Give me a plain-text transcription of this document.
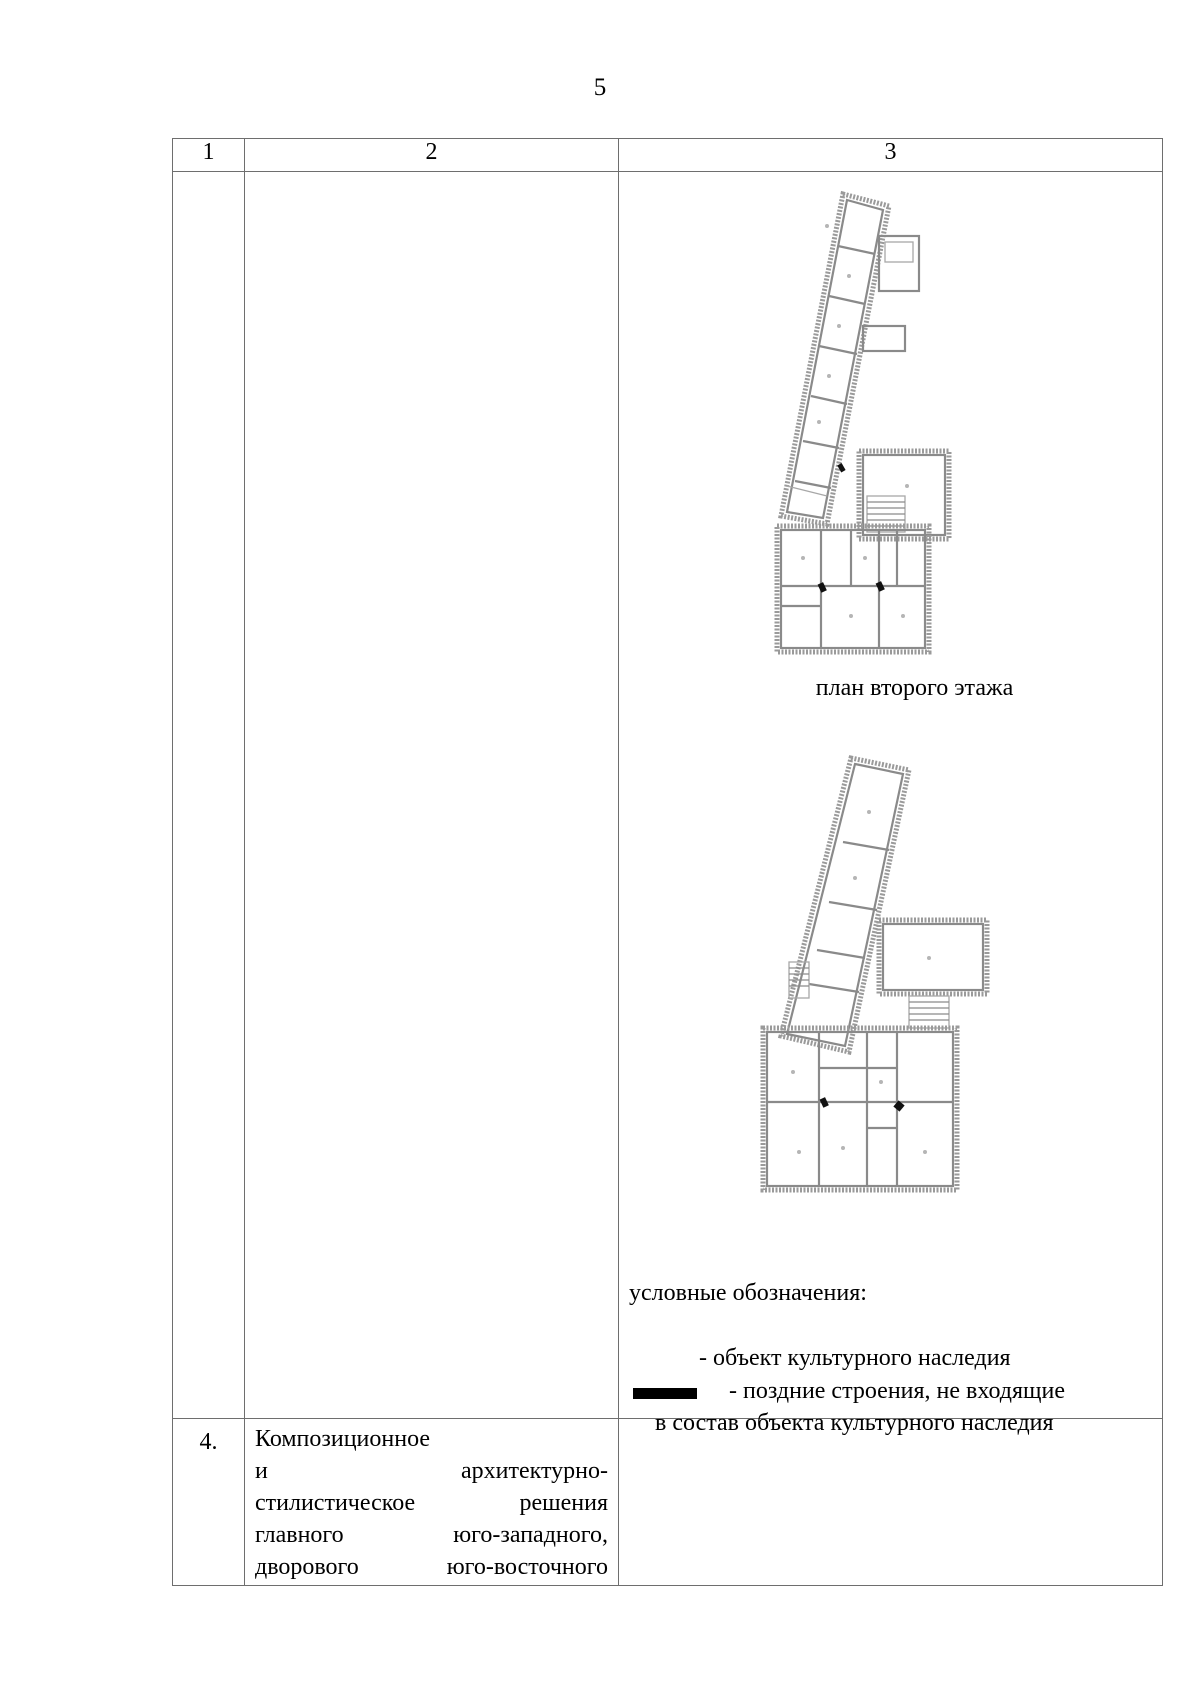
5
1	2	3

		план второго этажа
условные обозначения:
- объект культурного наследия
- поздние строения, не входящие
в состав объекта культурного наследия

4.	Композиционное
и архитектурно-
стилистическое решения
главного юго-западного,
дворового юго-восточного	
